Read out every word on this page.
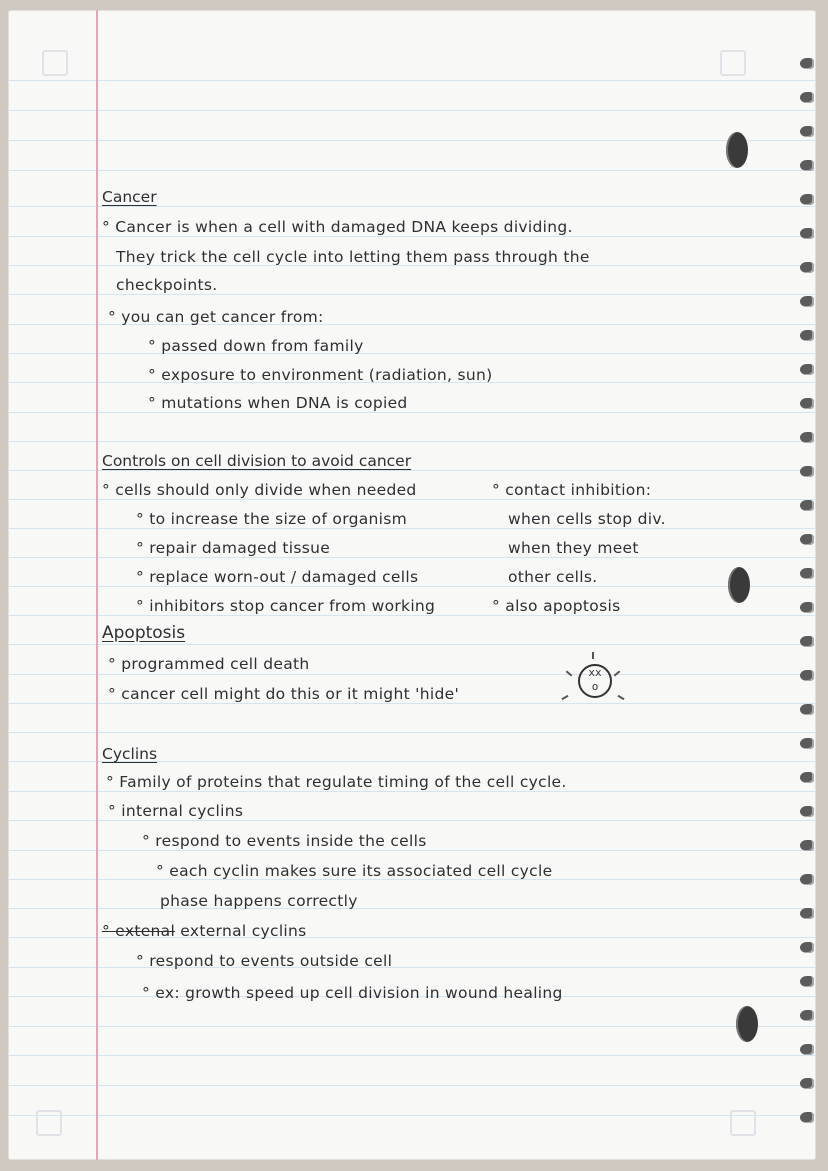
Cancer
° Cancer is when a cell with damaged DNA keeps dividing.
They trick the cell cycle into letting them pass through the
checkpoints.
° you can get cancer from:
° passed down from family
° exposure to environment (radiation, sun)
° mutations when DNA is copied
Controls on cell division to avoid cancer
° cells should only divide when needed
° to increase the size of organism
° repair damaged tissue
° replace worn-out / damaged cells
° inhibitors stop cancer from working
° contact inhibition:
when cells stop div.
when they meet
other cells.
° also apoptosis
Apoptosis
° programmed cell death
° cancer cell might do this or it might 'hide'
xx
o
Cyclins
° Family of proteins that regulate timing of the cell cycle.
° internal cyclins
° respond to events inside the cells
° each cyclin makes sure its associated cell cycle
phase happens correctly
° extenal external cyclins
° respond to events outside cell
° ex: growth speed up cell division in wound healing
